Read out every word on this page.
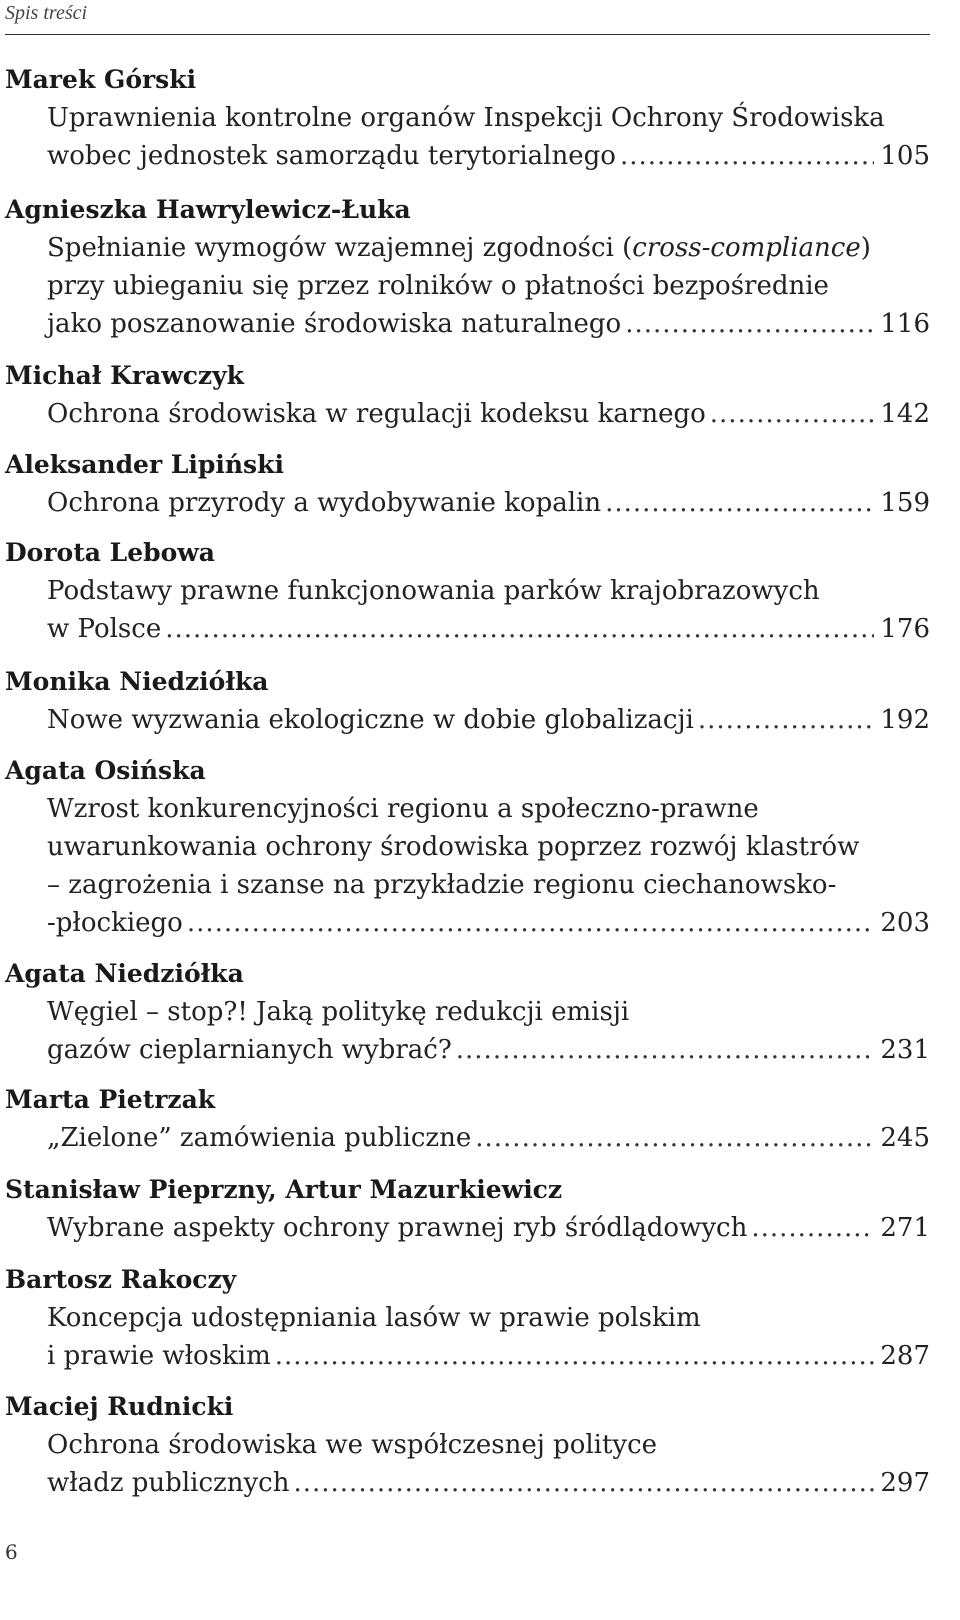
Spis treści
Marek Górski
Uprawnienia kontrolne organów Inspekcji Ochrony Środowiska
wobec jednostek samorządu terytorialnego .....	105
Agnieszka Hawrylewicz-Łuka
Spełnianie wymogów wzajemnej zgodności (cross-compliance)
przy ubieganiu się przez rolników o płatności bezpośrednie
jako poszanowanie środowiska naturalnego .....	116
Michał Krawczyk
Ochrona środowiska w regulacji kodeksu karnego .....	142
Aleksander Lipiński
Ochrona przyrody a wydobywanie kopalin .....	159
Dorota Lebowa
Podstawy prawne funkcjonowania parków krajobrazowych
w Polsce .....	176
Monika Niedziółka
Nowe wyzwania ekologiczne w dobie globalizacji .....	192
Agata Osińska
Wzrost konkurencyjności regionu a społeczno-prawne
uwarunkowania ochrony środowiska poprzez rozwój klastrów
– zagrożenia i szanse na przykładzie regionu ciechanowsko-
-płockiego .....	203
Agata Niedziółka
Węgiel – stop?! Jaką politykę redukcji emisji
gazów cieplarnianych wybrać? .....	231
Marta Pietrzak
„Zielone” zamówienia publiczne .....	245
Stanisław Pieprzny, Artur Mazurkiewicz
Wybrane aspekty ochrony prawnej ryb śródlądowych .....	271
Bartosz Rakoczy
Koncepcja udostępniania lasów w prawie polskim
i prawie włoskim .....	287
Maciej Rudnicki
Ochrona środowiska we współczesnej polityce
władz publicznych .....	297
6
